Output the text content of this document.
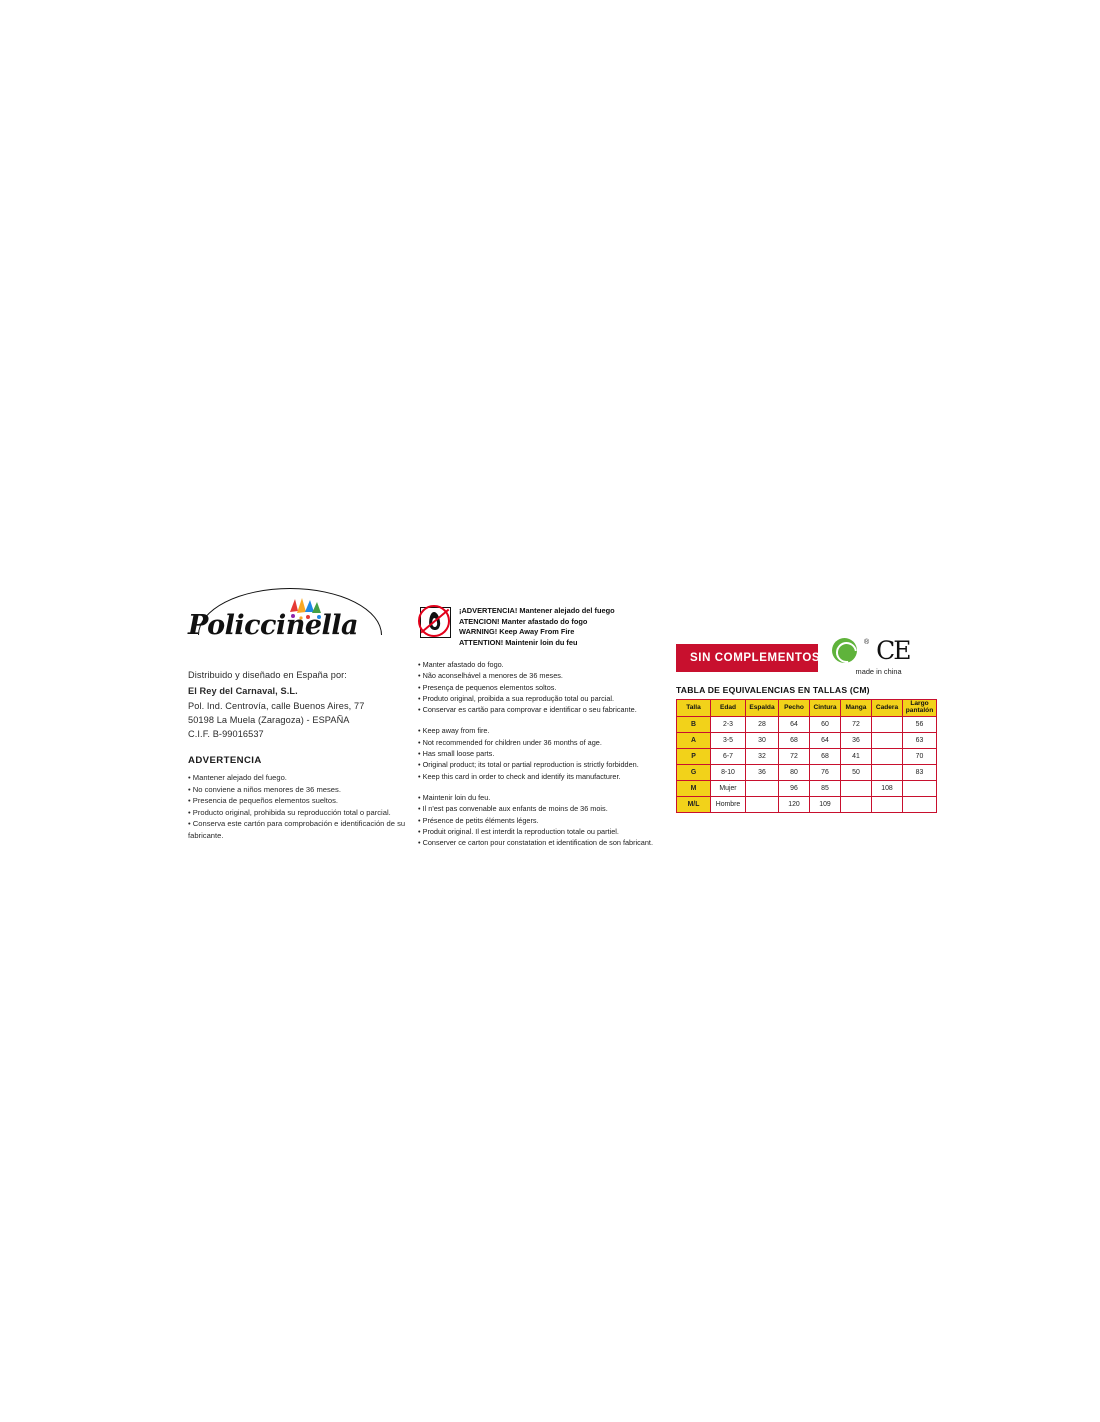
Policcinella
Distribuido y diseñado en España por:
El Rey del Carnaval, S.L.
Pol. Ind. Centrovía, calle Buenos Aires, 77
50198 La Muela (Zaragoza) - ESPAÑA
C.I.F. B-99016537
ADVERTENCIA
• Mantener alejado del fuego.
• No conviene a niños menores de 36 meses.
• Presencia de pequeños elementos sueltos.
• Producto original, prohibida su reproducción total o parcial.
• Conserva este cartón para comprobación e identificación de su fabricante.
¡ADVERTENCIA! Mantener alejado del fuego
ATENCION! Manter afastado do fogo
WARNING! Keep Away From Fire
ATTENTION! Maintenir loin du feu
• Manter afastado do fogo.
• Não aconselhável a menores de 36 meses.
• Presença de pequenos elementos soltos.
• Produto original, proibida a sua reprodução total ou parcial.
• Conservar es cartão para comprovar e identificar o seu fabricante.
• Keep away from fire.
• Not recommended for children under 36 months of age.
• Has small loose parts.
• Original product; its total or partial reproduction is strictly forbidden.
• Keep this card in order to check and identify its manufacturer.
• Maintenir loin du feu.
• Il n'est pas convenable aux enfants de moins de 36 mois.
• Présence de petits éléments légers.
• Produit original. Il est interdit la reproduction totale ou partiel.
• Conserver ce carton pour constatation et identification de son fabricant.
SIN COMPLEMENTOS
® CE
made in china
TABLA DE EQUIVALENCIAS EN TALLAS (CM)
Talla	Edad	Espalda	Pecho	Cintura	Manga	Cadera	Largo pantalón
B	2-3	28	64	60	72		56
A	3-5	30	68	64	36		63
P	6-7	32	72	68	41		70
G	8-10	36	80	76	50		83
M	Mujer		96	85		108	
M/L	Hombre		120	109			
